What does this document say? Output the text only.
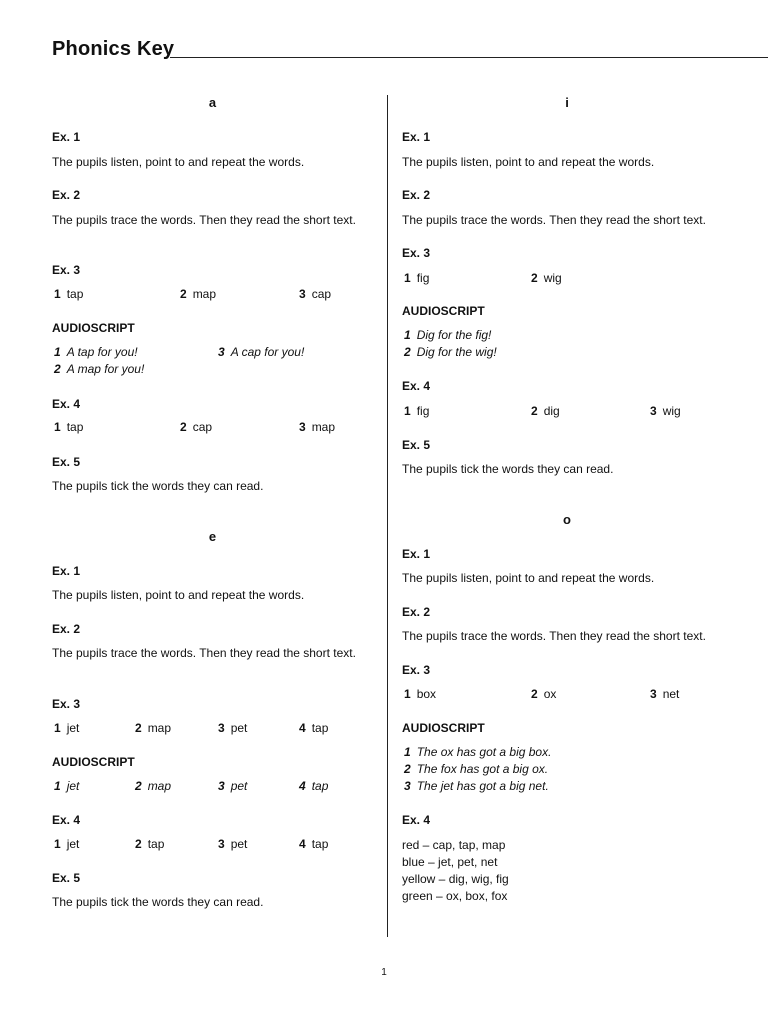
Phonics Key
a
Ex. 1
The pupils listen, point to and repeat the words.
Ex. 2
The pupils trace the words. Then they read the short text.
Ex. 3
1 tap	2 map	3 cap
AUDIOSCRIPT
1 A tap for you!	3 A cap for you!
2 A map for you!
Ex. 4
1 tap	2 cap	3 map
Ex. 5
The pupils tick the words they can read.
e
Ex. 1
The pupils listen, point to and repeat the words.
Ex. 2
The pupils trace the words. Then they read the short text.
Ex. 3
1 jet	2 map	3 pet	4 tap
AUDIOSCRIPT
1 jet	2 map	3 pet	4 tap
Ex. 4
1 jet	2 tap	3 pet	4 tap
Ex. 5
The pupils tick the words they can read.
i
Ex. 1
The pupils listen, point to and repeat the words.
Ex. 2
The pupils trace the words. Then they read the short text.
Ex. 3
1 fig	2 wig
AUDIOSCRIPT
1 Dig for the fig!
2 Dig for the wig!
Ex. 4
1 fig	2 dig	3 wig
Ex. 5
The pupils tick the words they can read.
o
Ex. 1
The pupils listen, point to and repeat the words.
Ex. 2
The pupils trace the words. Then they read the short text.
Ex. 3
1 box	2 ox	3 net
AUDIOSCRIPT
1 The ox has got a big box.
2 The fox has got a big ox.
3 The jet has got a big net.
Ex. 4
red – cap, tap, map
blue – jet, pet, net
yellow – dig, wig, fig
green – ox, box, fox
1
